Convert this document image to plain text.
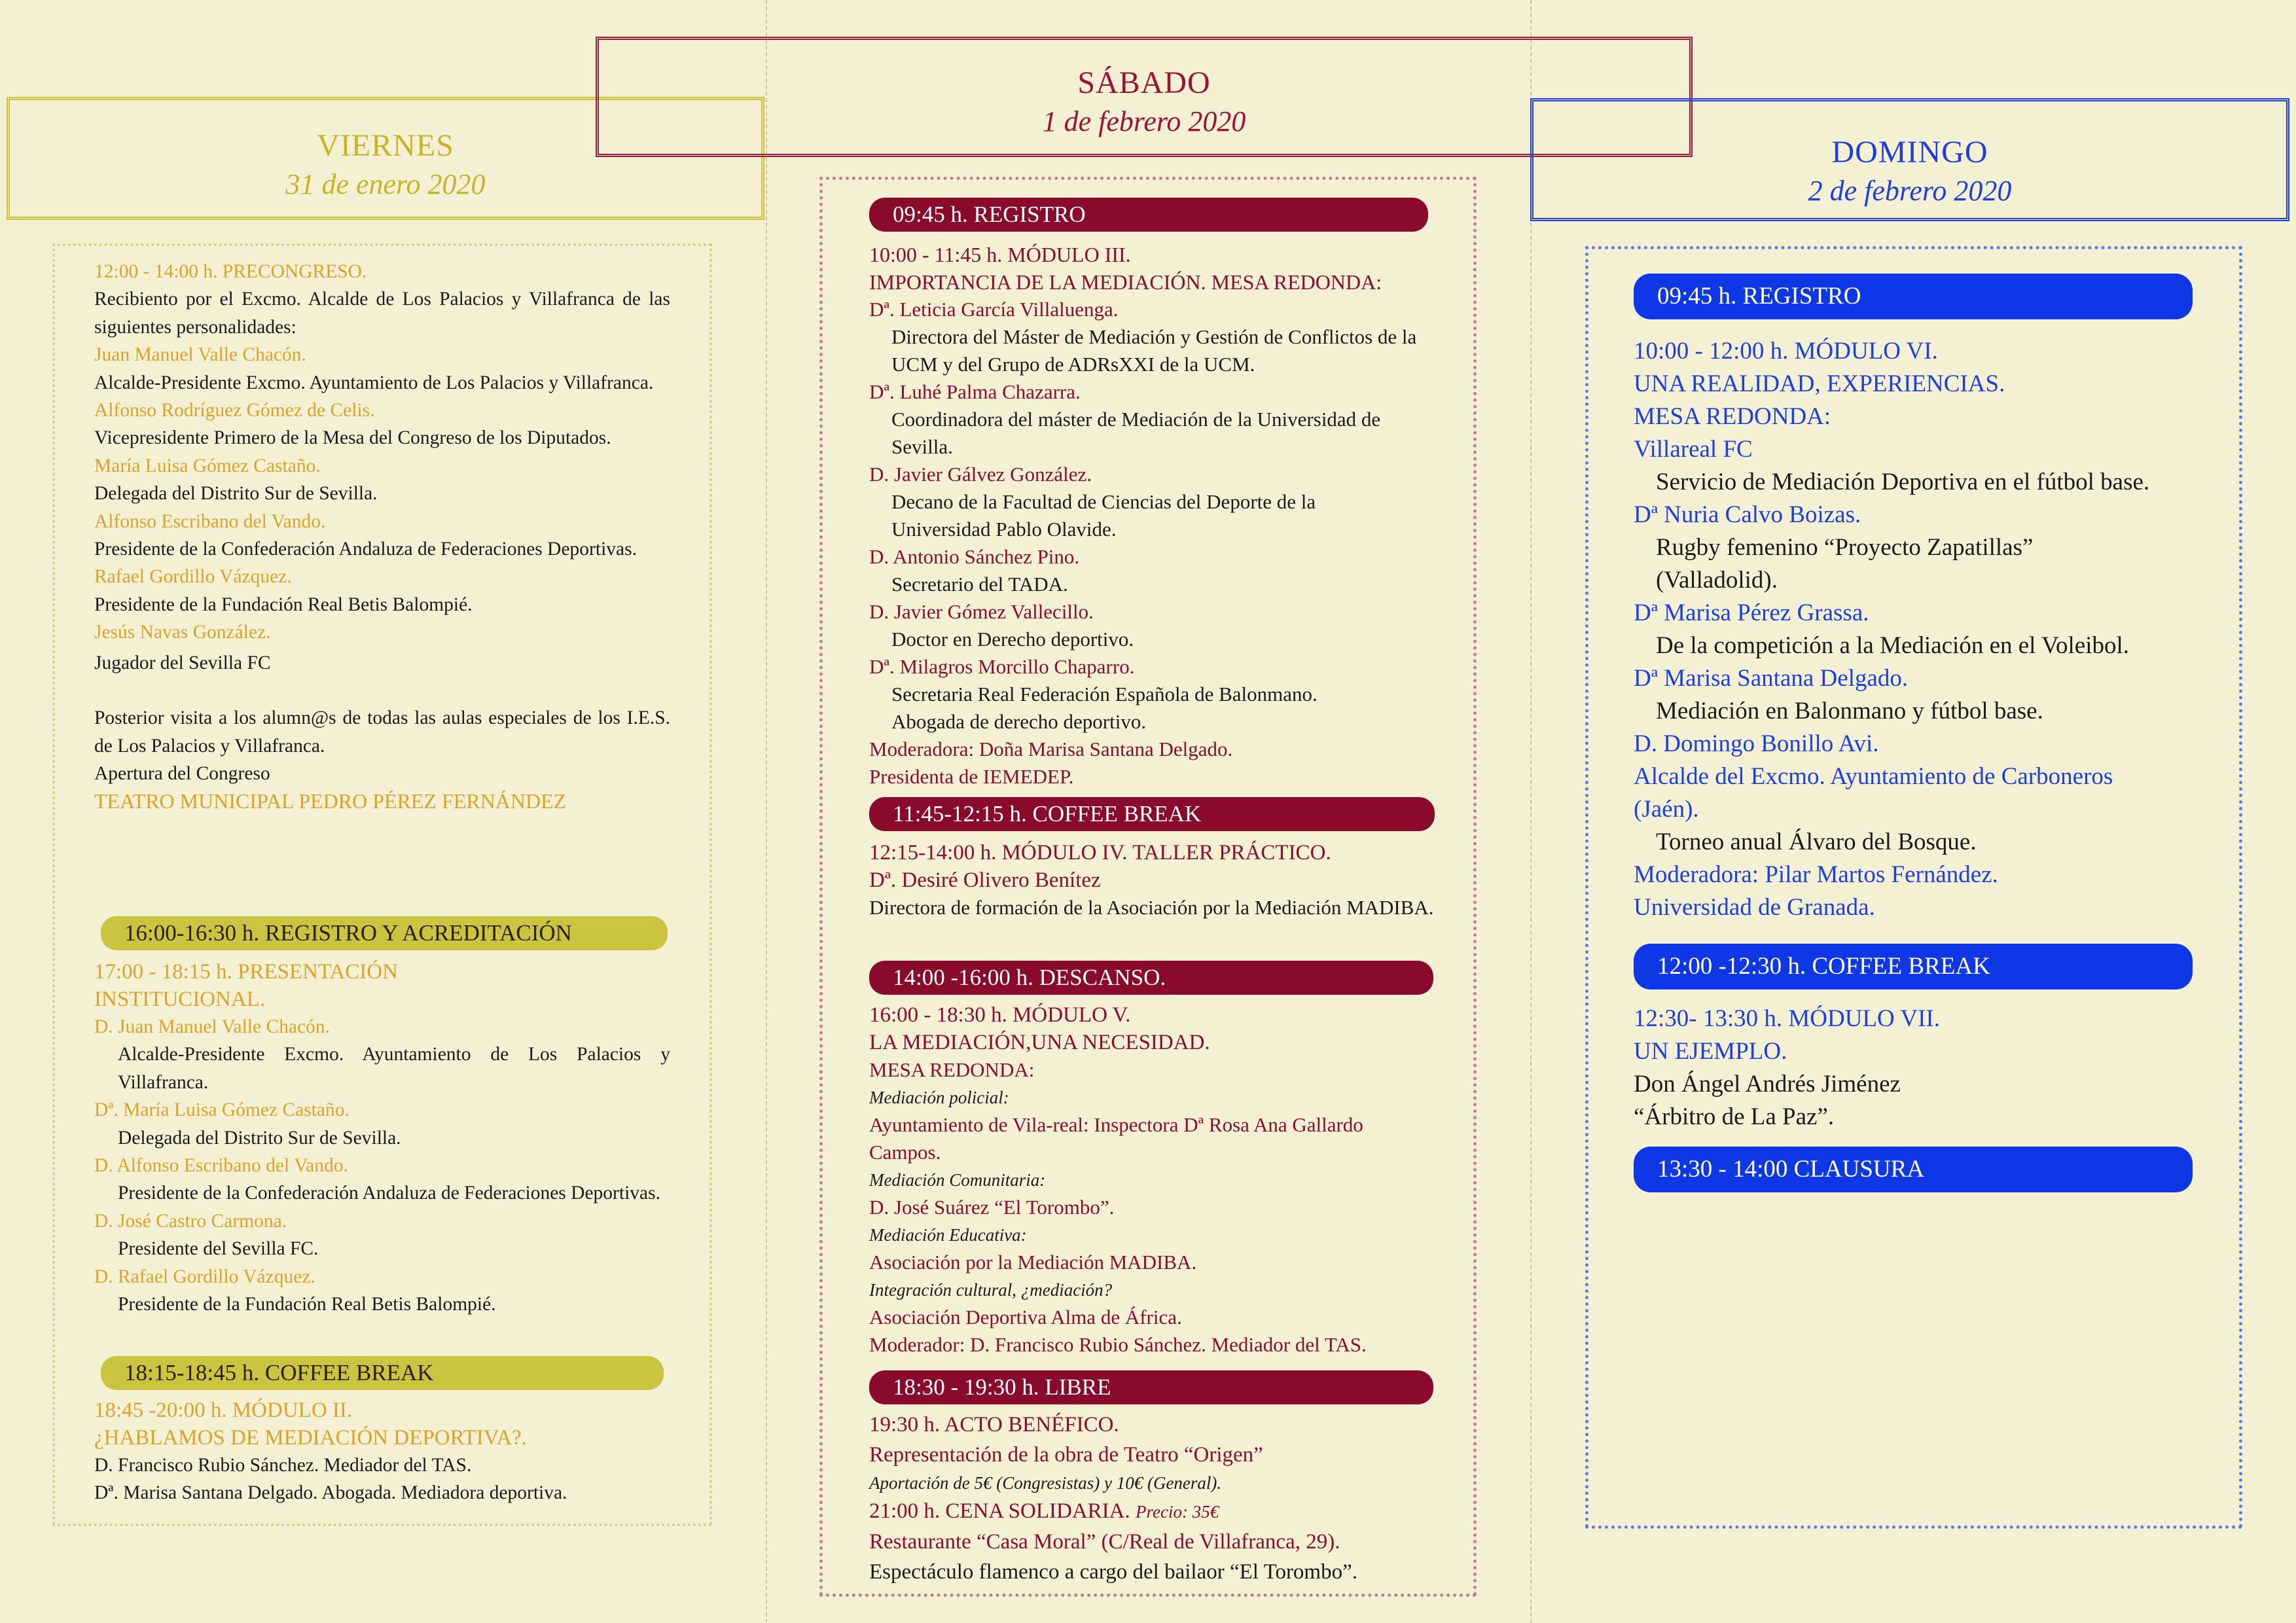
VIERNES
31 de enero 2020
12:00 - 14:00 h. PRECONGRESO.
Recibiento por el Excmo. Alcalde de Los Palacios y Villafranca de las siguientes personalidades:
Juan Manuel Valle Chacón.
Alcalde-Presidente Excmo. Ayuntamiento de Los Palacios y Villafranca.
Alfonso Rodríguez Gómez de Celis.
Vicepresidente Primero de la Mesa del Congreso de los Diputados.
María Luisa Gómez Castaño.
Delegada del Distrito Sur de Sevilla.
Alfonso Escribano del Vando.
Presidente de la Confederación Andaluza de Federaciones Deportivas.
Rafael Gordillo Vázquez.
Presidente de la Fundación Real Betis Balompié.
Jesús Navas González.
Jugador del Sevilla FC
Posterior visita a los alumn@s de todas las aulas especiales de los I.E.S. de Los Palacios y Villafranca.
Apertura del Congreso
TEATRO MUNICIPAL PEDRO PÉREZ FERNÁNDEZ
16:00-16:30 h. REGISTRO Y ACREDITACIÓN
17:00 - 18:15 h. PRESENTACIÓN
INSTITUCIONAL.
D. Juan Manuel Valle Chacón.
Alcalde-Presidente Excmo. Ayuntamiento de Los Palacios y Villafranca.
Dª. María Luisa Gómez Castaño.
Delegada del Distrito Sur de Sevilla.
D. Alfonso Escribano del Vando.
Presidente de la Confederación Andaluza de Federaciones Deportivas.
D. José Castro Carmona.
Presidente del Sevilla FC.
D. Rafael Gordillo Vázquez.
Presidente de la Fundación Real Betis Balompié.
18:15-18:45 h. COFFEE BREAK
18:45 -20:00 h. MÓDULO II.
¿HABLAMOS DE MEDIACIÓN DEPORTIVA?.
D. Francisco Rubio Sánchez. Mediador del TAS.
Dª. Marisa Santana Delgado. Abogada. Mediadora deportiva.
SÁBADO
1 de febrero 2020
09:45 h. REGISTRO
10:00 - 11:45 h. MÓDULO III.
IMPORTANCIA DE LA MEDIACIÓN. MESA REDONDA:
Dª. Leticia García Villaluenga.
Directora del Máster de Mediación y Gestión de Conflictos de la UCM y del Grupo de ADRsXXI de la UCM.
Dª. Luhé Palma Chazarra.
Coordinadora del máster de Mediación de la Universidad de Sevilla.
D. Javier Gálvez González.
Decano de la Facultad de Ciencias del Deporte de la Universidad Pablo Olavide.
D. Antonio Sánchez Pino.
Secretario del TADA.
D. Javier Gómez Vallecillo.
Doctor en Derecho deportivo.
Dª. Milagros Morcillo Chaparro.
Secretaria Real Federación Española de Balonmano. Abogada de derecho deportivo.
Moderadora: Doña Marisa Santana Delgado.
Presidenta de IEMEDEP.
11:45-12:15 h. COFFEE BREAK
12:15-14:00 h. MÓDULO IV. TALLER PRÁCTICO.
Dª. Desiré Olivero Benítez
Directora de formación de la Asociación por la Mediación MADIBA.
14:00 -16:00 h. DESCANSO.
16:00 - 18:30 h. MÓDULO V.
LA MEDIACIÓN,UNA NECESIDAD.
MESA REDONDA:
Mediación policial:
Ayuntamiento de Vila-real: Inspectora Dª Rosa Ana Gallardo Campos.
Mediación Comunitaria:
D. José Suárez “El Torombo”.
Mediación Educativa:
Asociación por la Mediación MADIBA.
Integración cultural, ¿mediación?
Asociación Deportiva Alma de África.
Moderador: D. Francisco Rubio Sánchez. Mediador del TAS.
18:30 - 19:30 h. LIBRE
19:30 h. ACTO BENÉFICO.
Representación de la obra de Teatro “Origen”
Aportación de 5€ (Congresistas) y 10€ (General).
21:00 h. CENA SOLIDARIA. Precio: 35€
Restaurante “Casa Moral” (C/Real de Villafranca, 29).
Espectáculo flamenco a cargo del bailaor “El Torombo”.
DOMINGO
2 de febrero 2020
09:45 h. REGISTRO
10:00 - 12:00 h. MÓDULO VI.
UNA REALIDAD, EXPERIENCIAS.
MESA REDONDA:
Villareal FC
Servicio de Mediación Deportiva en el fútbol base.
Dª Nuria Calvo Boizas.
Rugby femenino “Proyecto Zapatillas”
(Valladolid).
Dª Marisa Pérez Grassa.
De la competición a la Mediación en el Voleibol.
Dª Marisa Santana Delgado.
Mediación en Balonmano y fútbol base.
D. Domingo Bonillo Avi.
Alcalde del Excmo. Ayuntamiento de Carboneros
(Jaén).
Torneo anual Álvaro del Bosque.
Moderadora: Pilar Martos Fernández.
Universidad de Granada.
12:00 -12:30 h. COFFEE BREAK
12:30- 13:30 h. MÓDULO VII.
UN EJEMPLO.
Don Ángel Andrés Jiménez
“Árbitro de La Paz”.
13:30 - 14:00 CLAUSURA
